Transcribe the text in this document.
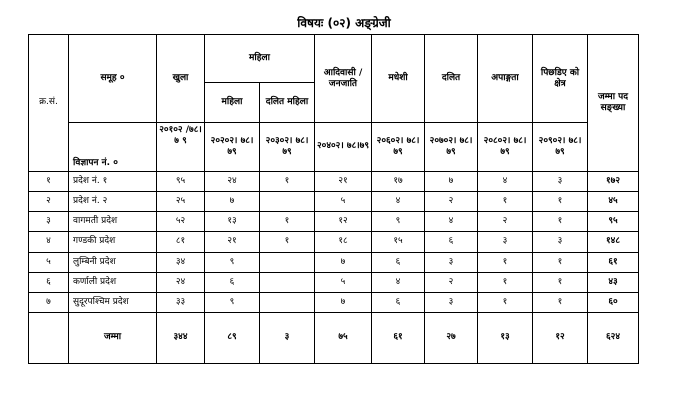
विषयः (०२) अङ्ग्रेजी
क्र.सं.	समूह ०	खुला	महिला		आदिवासी / जनजाति	मधेशी	दलित	अपाङ्गता	पिछडिए को क्षेत्र	जम्मा पद सङ्ख्या
			महिला	दलित महिला						
	विज्ञापन नं. ०	२०१०२ /७८।७ ९	२०२०२। ७८।७९	२०३०२। ७८।७९	२०४०२। ७८।७९	२०६०२। ७८।७९	२०७०२। ७८।७९	२०८०२। ७८।७९	२०९०२। ७८।७९	
१	प्रदेश नं. १	९५	२४	१	२१	१७	७	४	३	१७२
२	प्रदेश नं. २	२५	७		५	४	२	१	१	४५
३	वागमती प्रदेश	५२	१३	१	१२	९	४	२	१	९५
४	गण्डकी प्रदेश	८१	२१	१	१८	१५	६	३	३	१४८
५	लुम्बिनी प्रदेश	३४	९		७	६	३	१	१	६१
६	कर्णाली प्रदेश	२४	६		५	४	२	१	१	४३
७	सुदूरपश्चिम प्रदेश	३३	९		७	६	३	१	१	६०
	जम्मा	३४४	८९	३	७५	६१	२७	१३	१२	६२४
